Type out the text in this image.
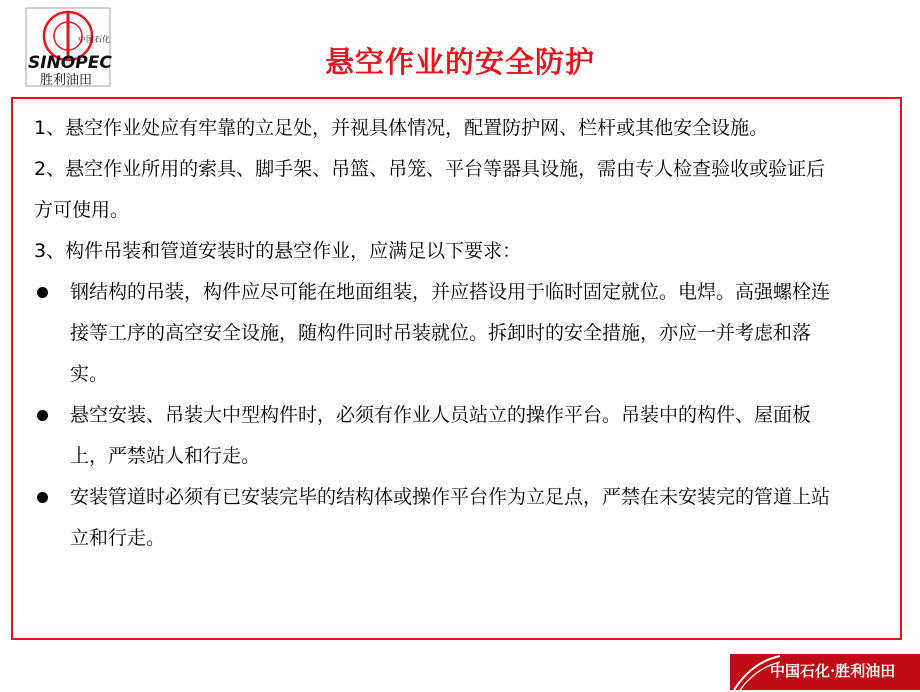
中国石化
SINOPEC
胜利油田
悬空作业的安全防护

1、悬空作业处应有牢靠的立足处，并视具体情况，配置防护网、栏杆或其他安全设施。

2、悬空作业所用的索具、脚手架、吊篮、吊笼、平台等器具设施，需由专人检查验收或验证后方可使用。

3、构件吊装和管道安装时的悬空作业，应满足以下要求：

钢结构的吊装，构件应尽可能在地面组装，并应搭设用于临时固定就位。电焊。高强螺栓连接等工序的高空安全设施，随构件同时吊装就位。拆卸时的安全措施，亦应一并考虑和落实。
悬空安装、吊装大中型构件时，必须有作业人员站立的操作平台。吊装中的构件、屋面板上，严禁站人和行走。
安装管道时必须有已安装完毕的结构体或操作平台作为立足点，严禁在未安装完的管道上站立和行走。
中国石化·胜利油田
